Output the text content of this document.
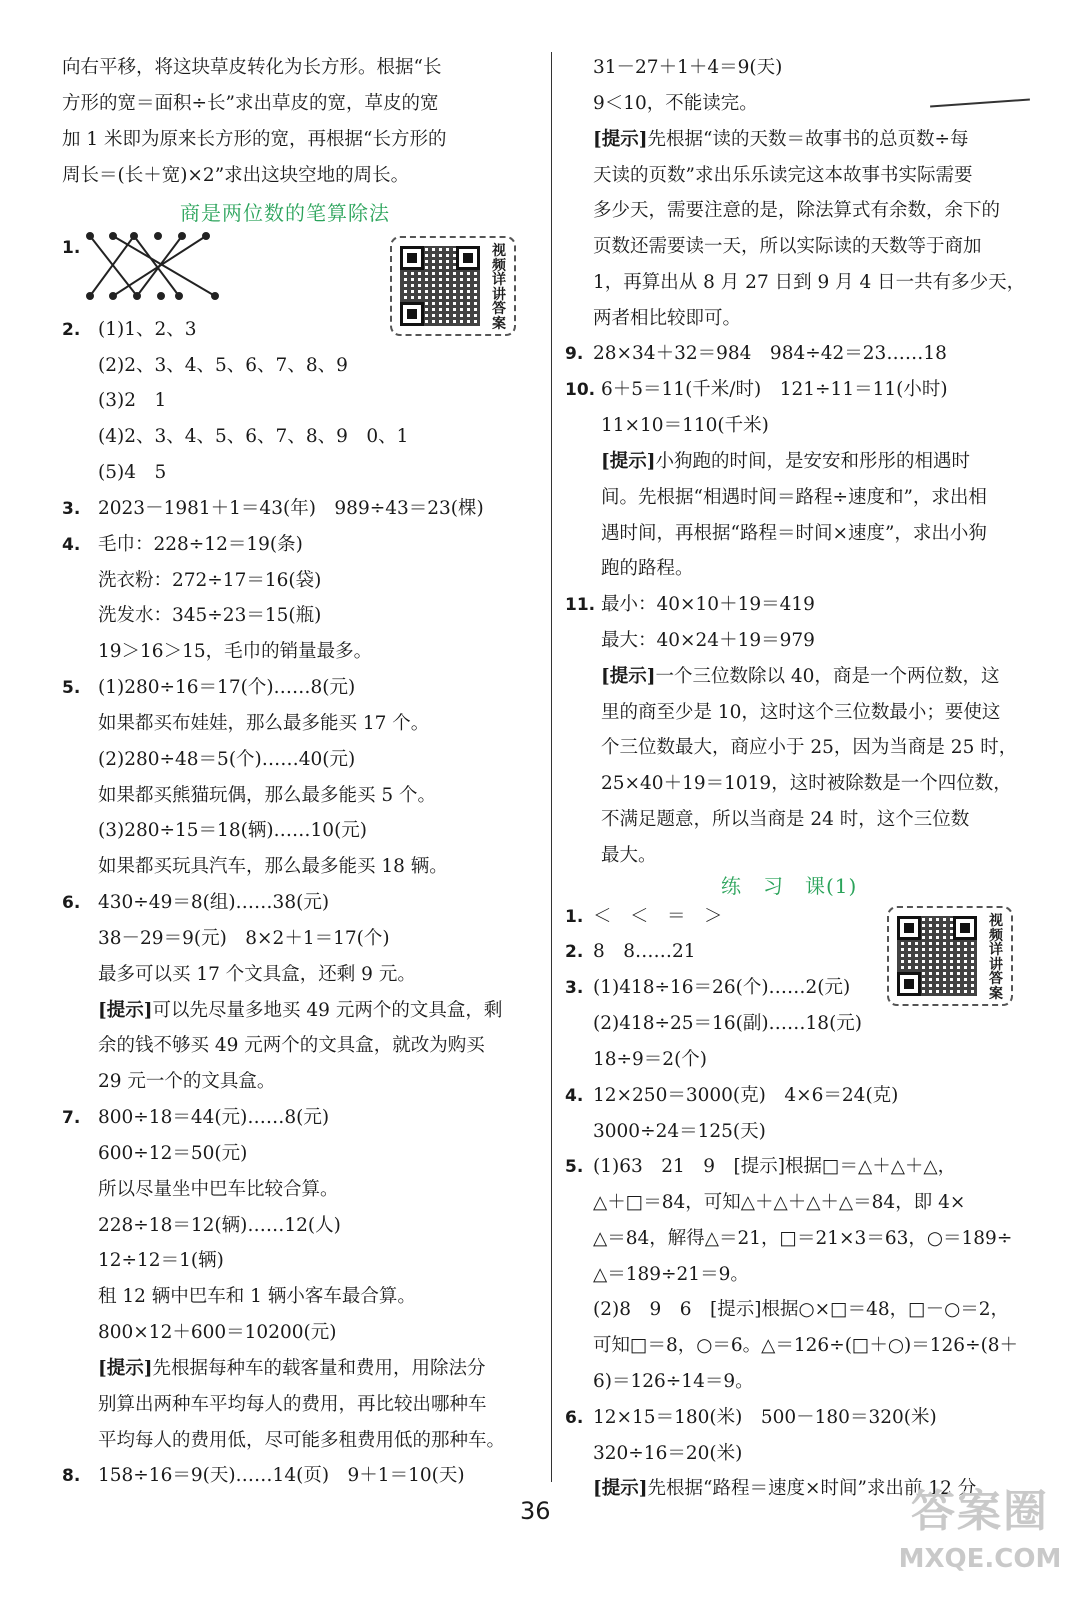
向右平移，将这块草皮转化为长方形。根据“长
方形的宽＝面积÷长”求出草皮的宽，草皮的宽
加 1 米即为原来长方形的宽，再根据“长方形的
周长＝(长＋宽)×2”求出这块空地的周长。
商是两位数的笔算除法
1.	视频详讲答案
2. (1)1、2、3
(2)2、3、4、5、6、7、8、9
(3)2　1
(4)2、3、4、5、6、7、8、9　0、1
(5)4　5
3. 2023－1981＋1＝43(年)　989÷43＝23(棵)
4. 毛巾：228÷12＝19(条)
洗衣粉：272÷17＝16(袋)
洗发水：345÷23＝15(瓶)
19＞16＞15，毛巾的销量最多。
5. (1)280÷16＝17(个)……8(元)
如果都买布娃娃，那么最多能买 17 个。
(2)280÷48＝5(个)……40(元)
如果都买熊猫玩偶，那么最多能买 5 个。
(3)280÷15＝18(辆)……10(元)
如果都买玩具汽车，那么最多能买 18 辆。
6. 430÷49＝8(组)……38(元)
38－29＝9(元)　8×2＋1＝17(个)
最多可以买 17 个文具盒，还剩 9 元。
[提示]可以先尽量多地买 49 元两个的文具盒，剩
余的钱不够买 49 元两个的文具盒，就改为购买
29 元一个的文具盒。
7. 800÷18＝44(元)……8(元)
600÷12＝50(元)
所以尽量坐中巴车比较合算。
228÷18＝12(辆)……12(人)
12÷12＝1(辆)
租 12 辆中巴车和 1 辆小客车最合算。
800×12＋600＝10200(元)
[提示]先根据每种车的载客量和费用，用除法分
别算出两种车平均每人的费用，再比较出哪种车
平均每人的费用低，尽可能多租费用低的那种车。
8. 158÷16＝9(天)……14(页)　9＋1＝10(天)
31－27＋1＋4＝9(天)
9＜10，不能读完。
[提示]先根据“读的天数＝故事书的总页数÷每
天读的页数”求出乐乐读完这本故事书实际需要
多少天，需要注意的是，除法算式有余数，余下的
页数还需要读一天，所以实际读的天数等于商加
1，再算出从 8 月 27 日到 9 月 4 日一共有多少天，
两者相比较即可。
9. 28×34＋32＝984　984÷42＝23……18
10. 6＋5＝11(千米/时)　121÷11＝11(小时)
11×10＝110(千米)
[提示]小狗跑的时间，是安安和彤彤的相遇时
间。先根据“相遇时间＝路程÷速度和”，求出相
遇时间，再根据“路程＝时间×速度”，求出小狗
跑的路程。
11. 最小：40×10＋19＝419
最大：40×24＋19＝979
[提示]一个三位数除以 40，商是一个两位数，这
里的商至少是 10，这时这个三位数最小；要使这
个三位数最大，商应小于 25，因为当商是 25 时，
25×40＋19＝1019，这时被除数是一个四位数，
不满足题意，所以当商是 24 时，这个三位数
最大。
练　习　课(1)
视频详讲答案
1. ＜　＜　＝　＞
2. 8　8……21
3. (1)418÷16＝26(个)……2(元)
(2)418÷25＝16(副)……18(元)
18÷9＝2(个)
4. 12×250＝3000(克)　4×6＝24(克)
3000÷24＝125(天)
5. (1)63　21　9　[提示]根据□＝△＋△＋△，
△＋□＝84，可知△＋△＋△＋△＝84，即 4×
△＝84，解得△＝21，□＝21×3＝63，○＝189÷
△＝189÷21＝9。
(2)8　9　6　[提示]根据○×□＝48，□－○＝2，
可知□＝8，○＝6。△＝126÷(□＋○)＝126÷(8＋
6)＝126÷14＝9。
6. 12×15＝180(米)　500－180＝320(米)
320÷16＝20(米)
[提示]先根据“路程＝速度×时间”求出前 12 分
36	答案圈
MXQE.COM
